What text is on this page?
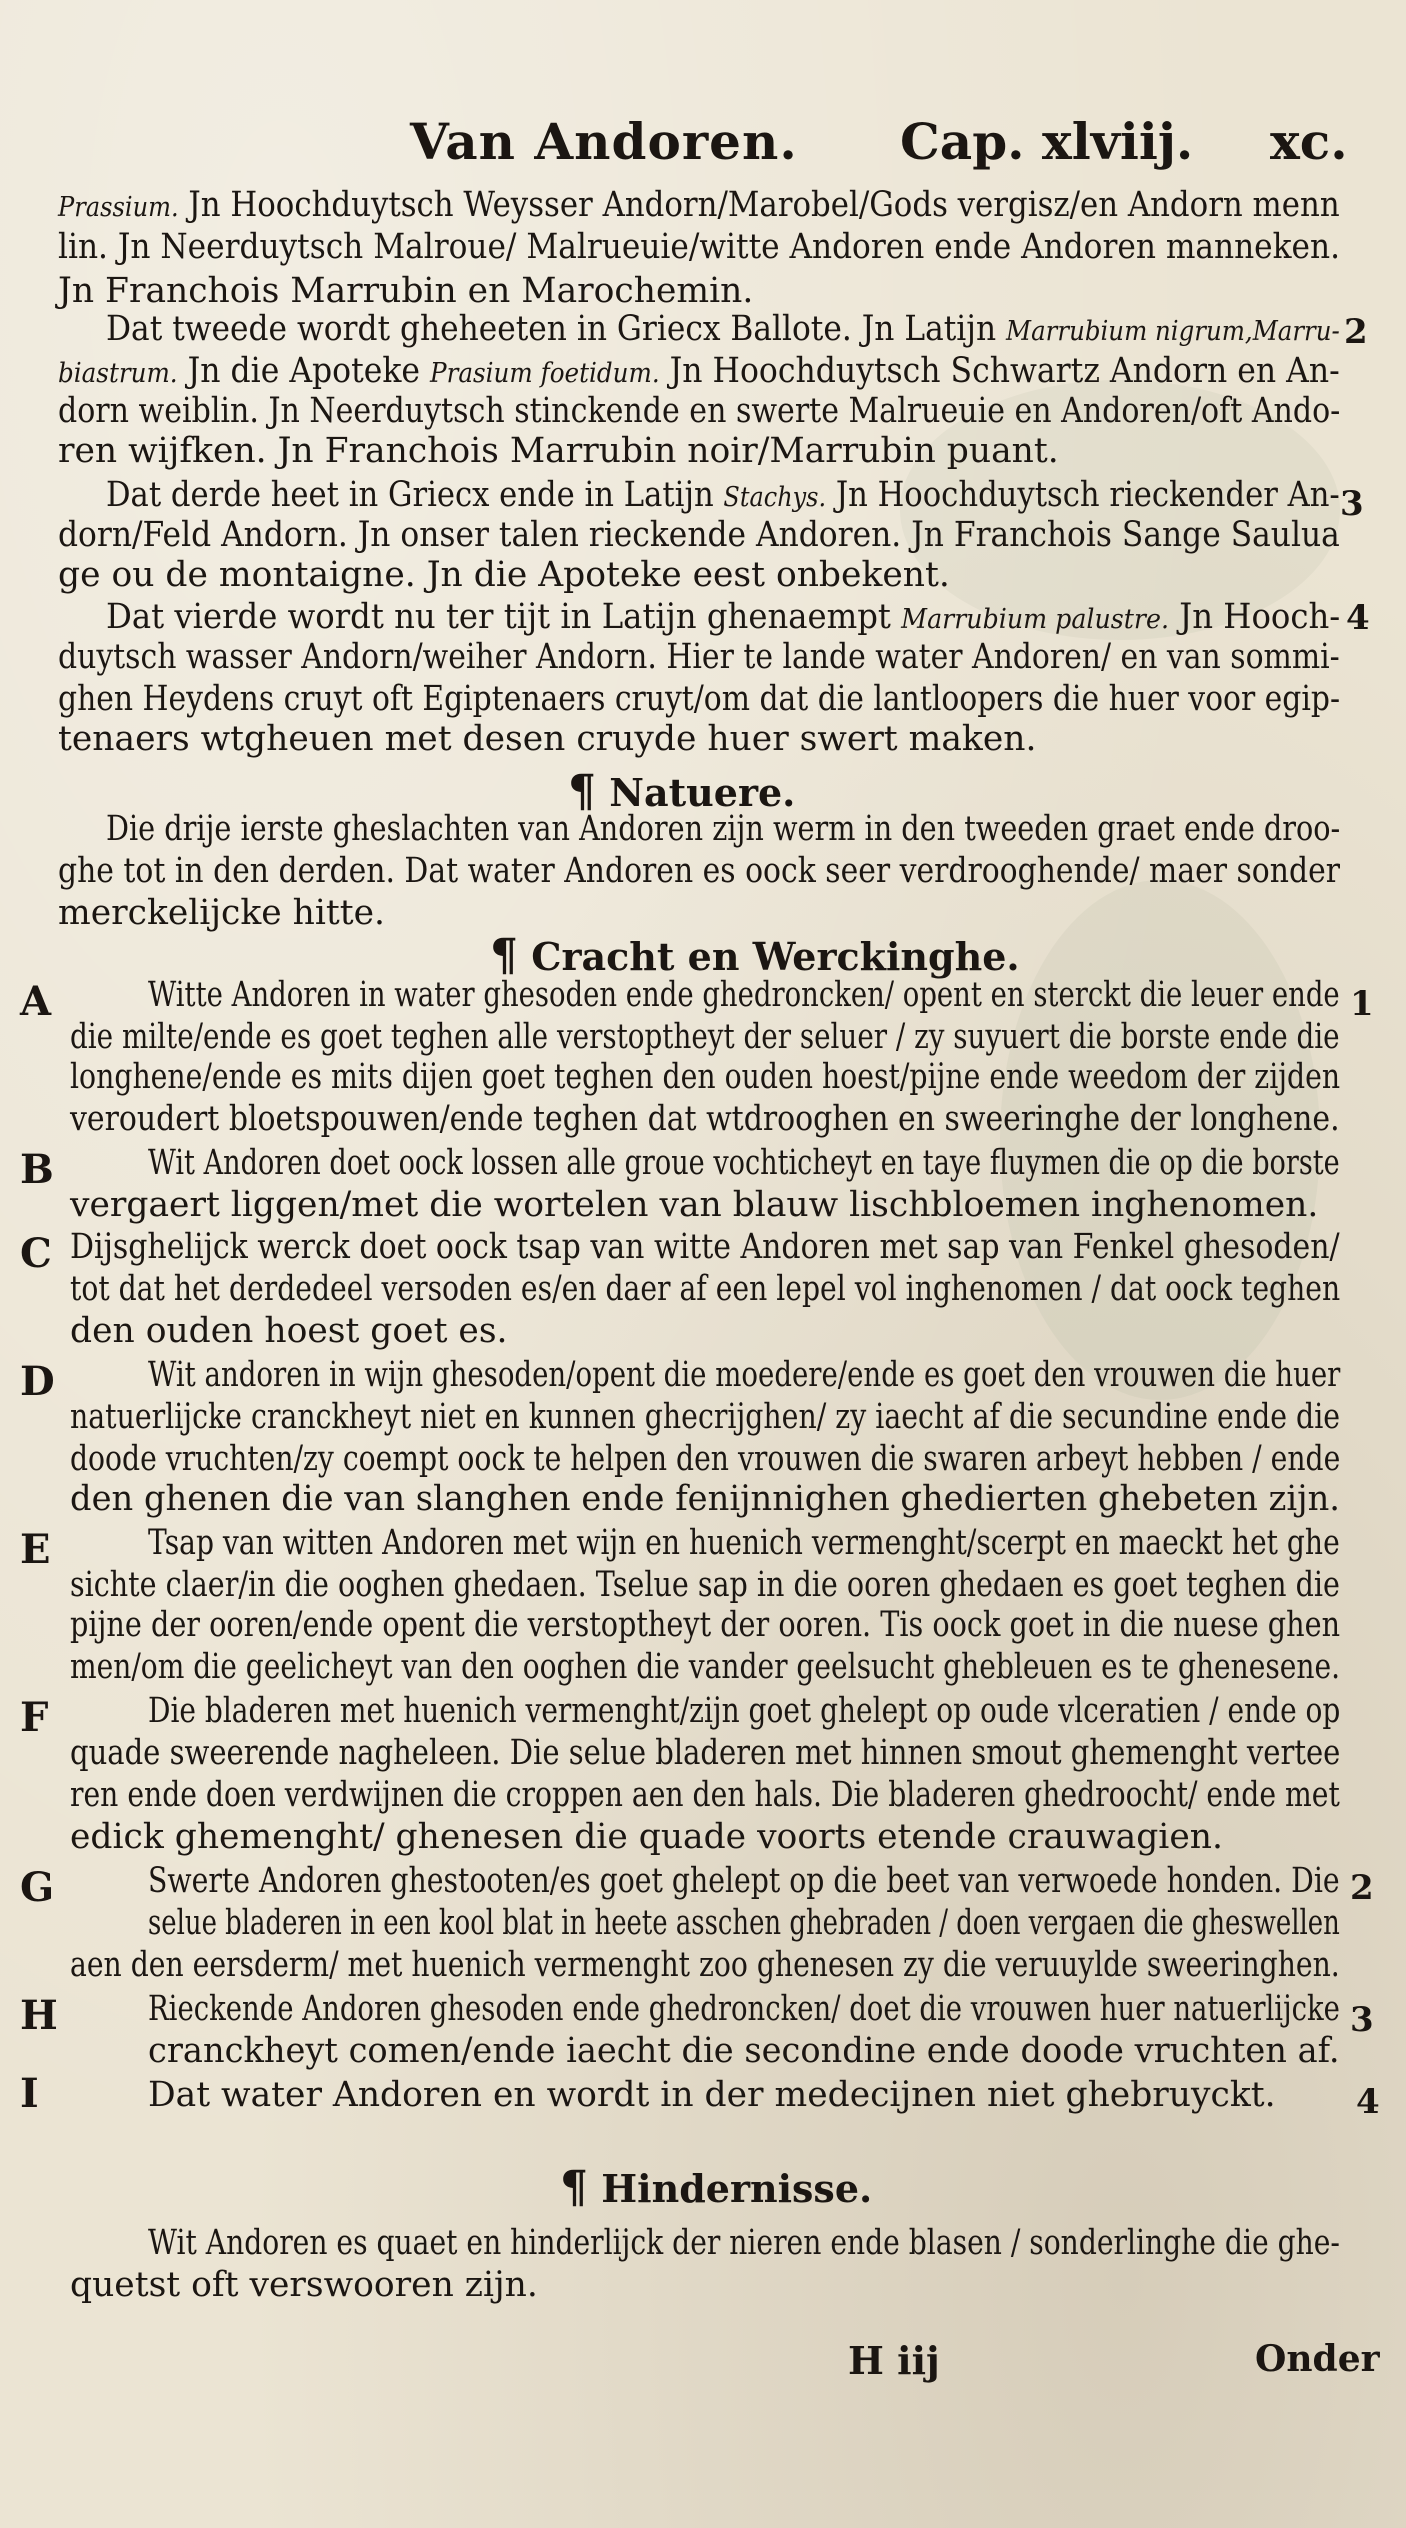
Van Andoren. Cap. xlviij. xc.
Prassium. Jn Hoochduytsch Weysser Andorn/Marobel/Gods vergisz/en Andorn menn
lin. Jn Neerduytsch Malroue/ Malrueuie/witte Andoren ende Andoren manneken.
Jn Franchois Marrubin en Marochemin.
Dat tweede wordt gheheeten in Griecx Ballote. Jn Latijn Marrubium nigrum,Marru-
biastrum. Jn die Apoteke Prasium foetidum. Jn Hoochduytsch Schwartz Andorn en An-
dorn weiblin. Jn Neerduytsch stinckende en swerte Malrueuie en Andoren/oft Ando-
ren wijfken. Jn Franchois Marrubin noir/Marrubin puant.
Dat derde heet in Griecx ende in Latijn Stachys. Jn Hoochduytsch rieckender An-
dorn/Feld Andorn. Jn onser talen rieckende Andoren. Jn Franchois Sange Saulua
ge ou de montaigne. Jn die Apoteke eest onbekent.
Dat vierde wordt nu ter tijt in Latijn ghenaempt Marrubium palustre. Jn Hooch-
duytsch wasser Andorn/weiher Andorn. Hier te lande water Andoren/ en van sommi-
ghen Heydens cruyt oft Egiptenaers cruyt/om dat die lantloopers die huer voor egip-
tenaers wtgheuen met desen cruyde huer swert maken.
2
3
4
1
2
3
4
¶ Natuere.
Die drije ierste gheslachten van Andoren zijn werm in den tweeden graet ende droo-
ghe tot in den derden. Dat water Andoren es oock seer verdrooghende/ maer sonder
merckelijcke hitte.
¶ Cracht en Werckinghe.
Witte Andoren in water ghesoden ende ghedroncken/ opent en sterckt die leuer ende
die milte/ende es goet teghen alle verstoptheyt der seluer / zy suyuert die borste ende die
longhene/ende es mits dijen goet teghen den ouden hoest/pijne ende weedom der zijden
veroudert bloetspouwen/ende teghen dat wtdrooghen en sweeringhe der longhene.
Wit Andoren doet oock lossen alle groue vochticheyt en taye fluymen die op die borste
vergaert liggen/met die wortelen van blauw lischbloemen inghenomen.
Dijsghelijck werck doet oock tsap van witte Andoren met sap van Fenkel ghesoden/
tot dat het derdedeel versoden es/en daer af een lepel vol inghenomen / dat oock teghen
den ouden hoest goet es.
Wit andoren in wijn ghesoden/opent die moedere/ende es goet den vrouwen die huer
natuerlijcke cranckheyt niet en kunnen ghecrijghen/ zy iaecht af die secundine ende die
doode vruchten/zy coempt oock te helpen den vrouwen die swaren arbeyt hebben / ende
den ghenen die van slanghen ende fenijnnighen ghedierten ghebeten zijn.
Tsap van witten Andoren met wijn en huenich vermenght/scerpt en maeckt het ghe
sichte claer/in die ooghen ghedaen. Tselue sap in die ooren ghedaen es goet teghen die
pijne der ooren/ende opent die verstoptheyt der ooren. Tis oock goet in die nuese ghen
men/om die geelicheyt van den ooghen die vander geelsucht ghebleuen es te ghenesene.
Die bladeren met huenich vermenght/zijn goet ghelept op oude vlceratien / ende op
quade sweerende nagheleen. Die selue bladeren met hinnen smout ghemenght vertee
ren ende doen verdwijnen die croppen aen den hals. Die bladeren ghedroocht/ ende met
edick ghemenght/ ghenesen die quade voorts etende crauwagien.
Swerte Andoren ghestooten/es goet ghelept op die beet van verwoede honden. Die
selue bladeren in een kool blat in heete asschen ghebraden / doen vergaen die gheswellen
aen den eersderm/ met huenich vermenght zoo ghenesen zy die veruuylde sweeringhen.
Rieckende Andoren ghesoden ende ghedroncken/ doet die vrouwen huer natuerlijcke
cranckheyt comen/ende iaecht die secondine ende doode vruchten af.
Dat water Andoren en wordt in der medecijnen niet ghebruyckt.
A
B
C
D
E
F
G
H
I
¶ Hindernisse.
Wit Andoren es quaet en hinderlijck der nieren ende blasen / sonderlinghe die ghe-
quetst oft verswooren zijn.
H iij	Onder
